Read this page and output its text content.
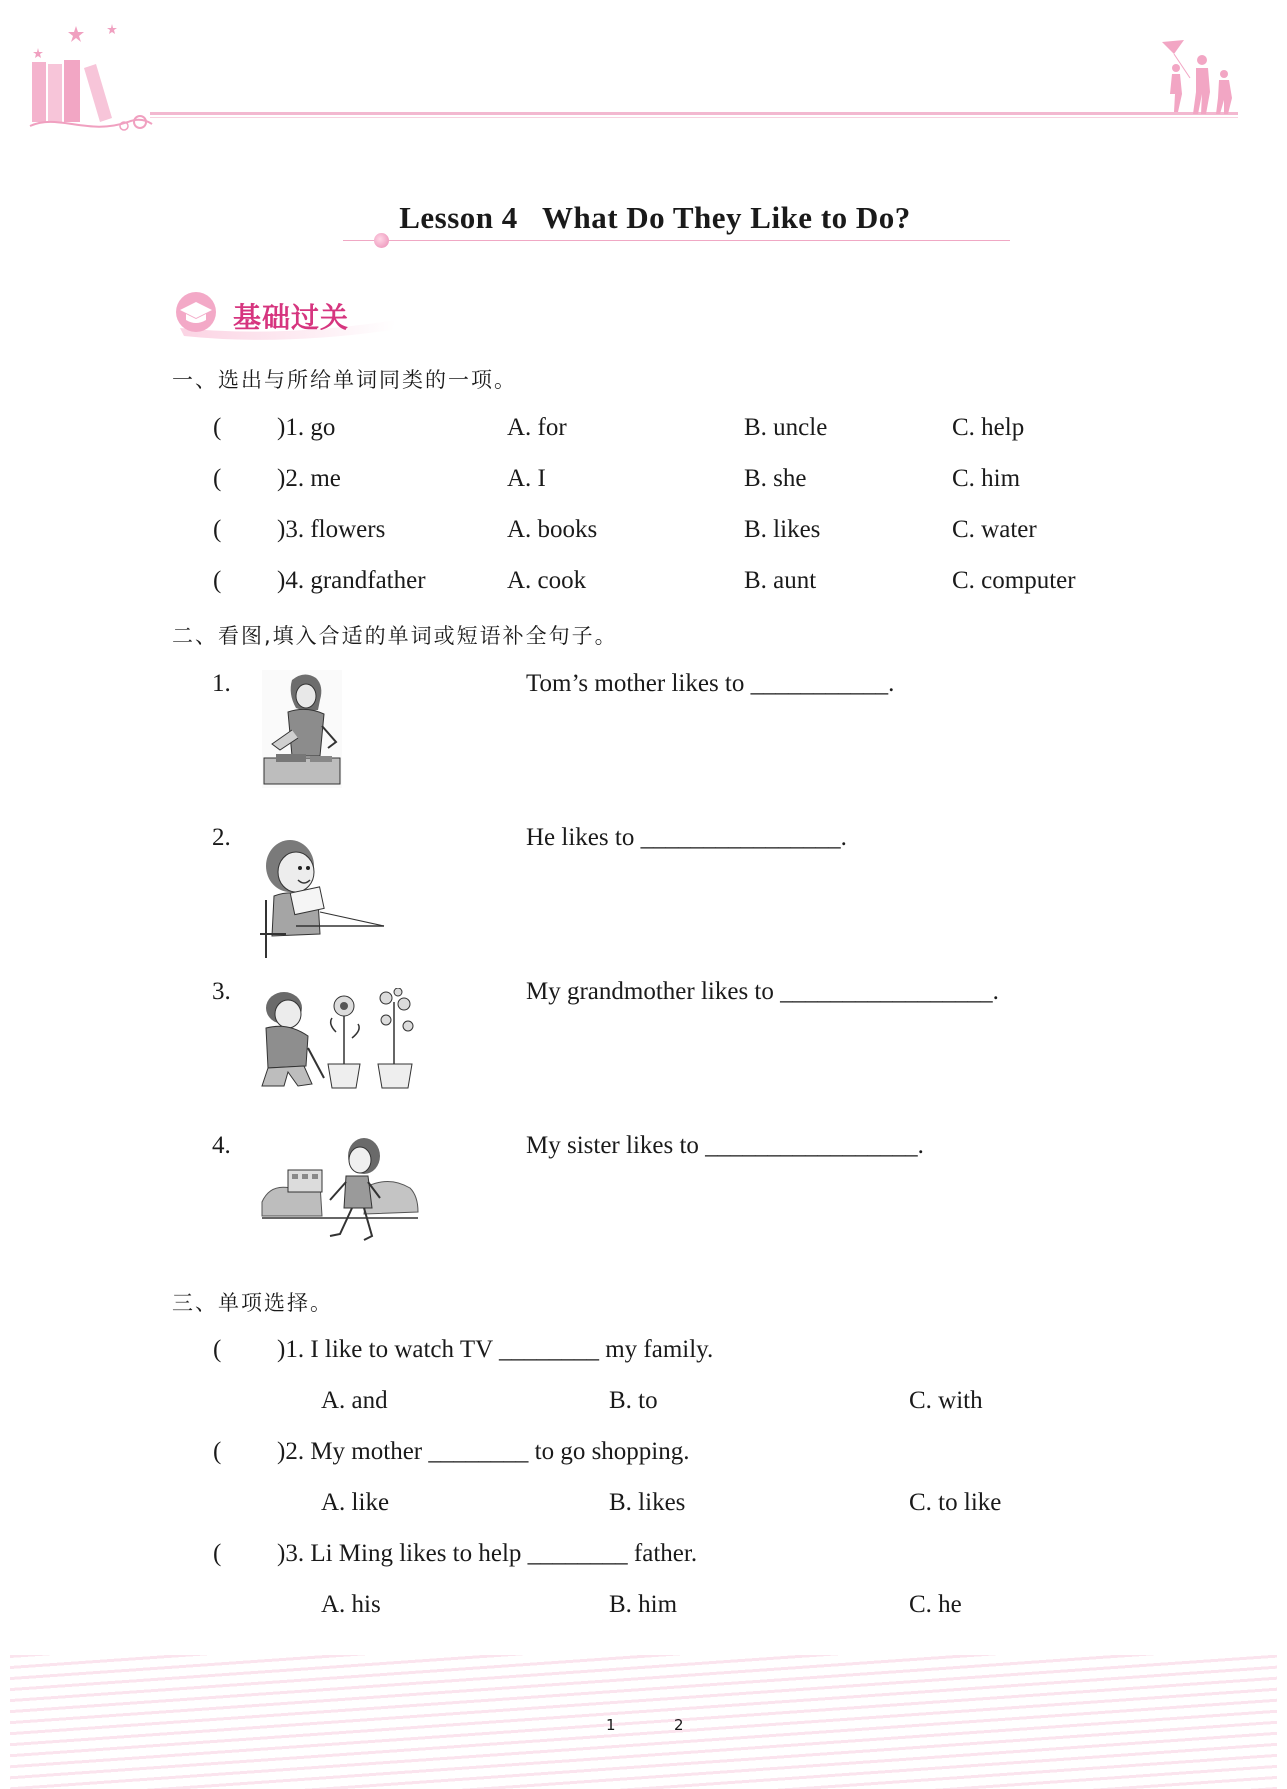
Lesson 4   What Do They Like to Do?
基础过关
一、选出与所给单词同类的一项。
( )1. go	A. for	B. uncle	C. help
( )2. me	A. I	B. she	C. him
( )3. flowers	A. books	B. likes	C. water
( )4. grandfather	A. cook	B. aunt	C. computer
二、看图,填入合适的单词或短语补全句子。
1.	Tom’s mother likes to ___________.
2.	He likes to ________________.
3.	My grandmother likes to _________________.
4.	My sister likes to _________________.
三、单项选择。
( )1. I like to watch TV ________ my family.
A. and	B. to	C. with
( )2. My mother ________ to go shopping.
A. like	B. likes	C. to like
( )3. Li Ming likes to help ________ father.
A. his	B. him	C. he
1	2
